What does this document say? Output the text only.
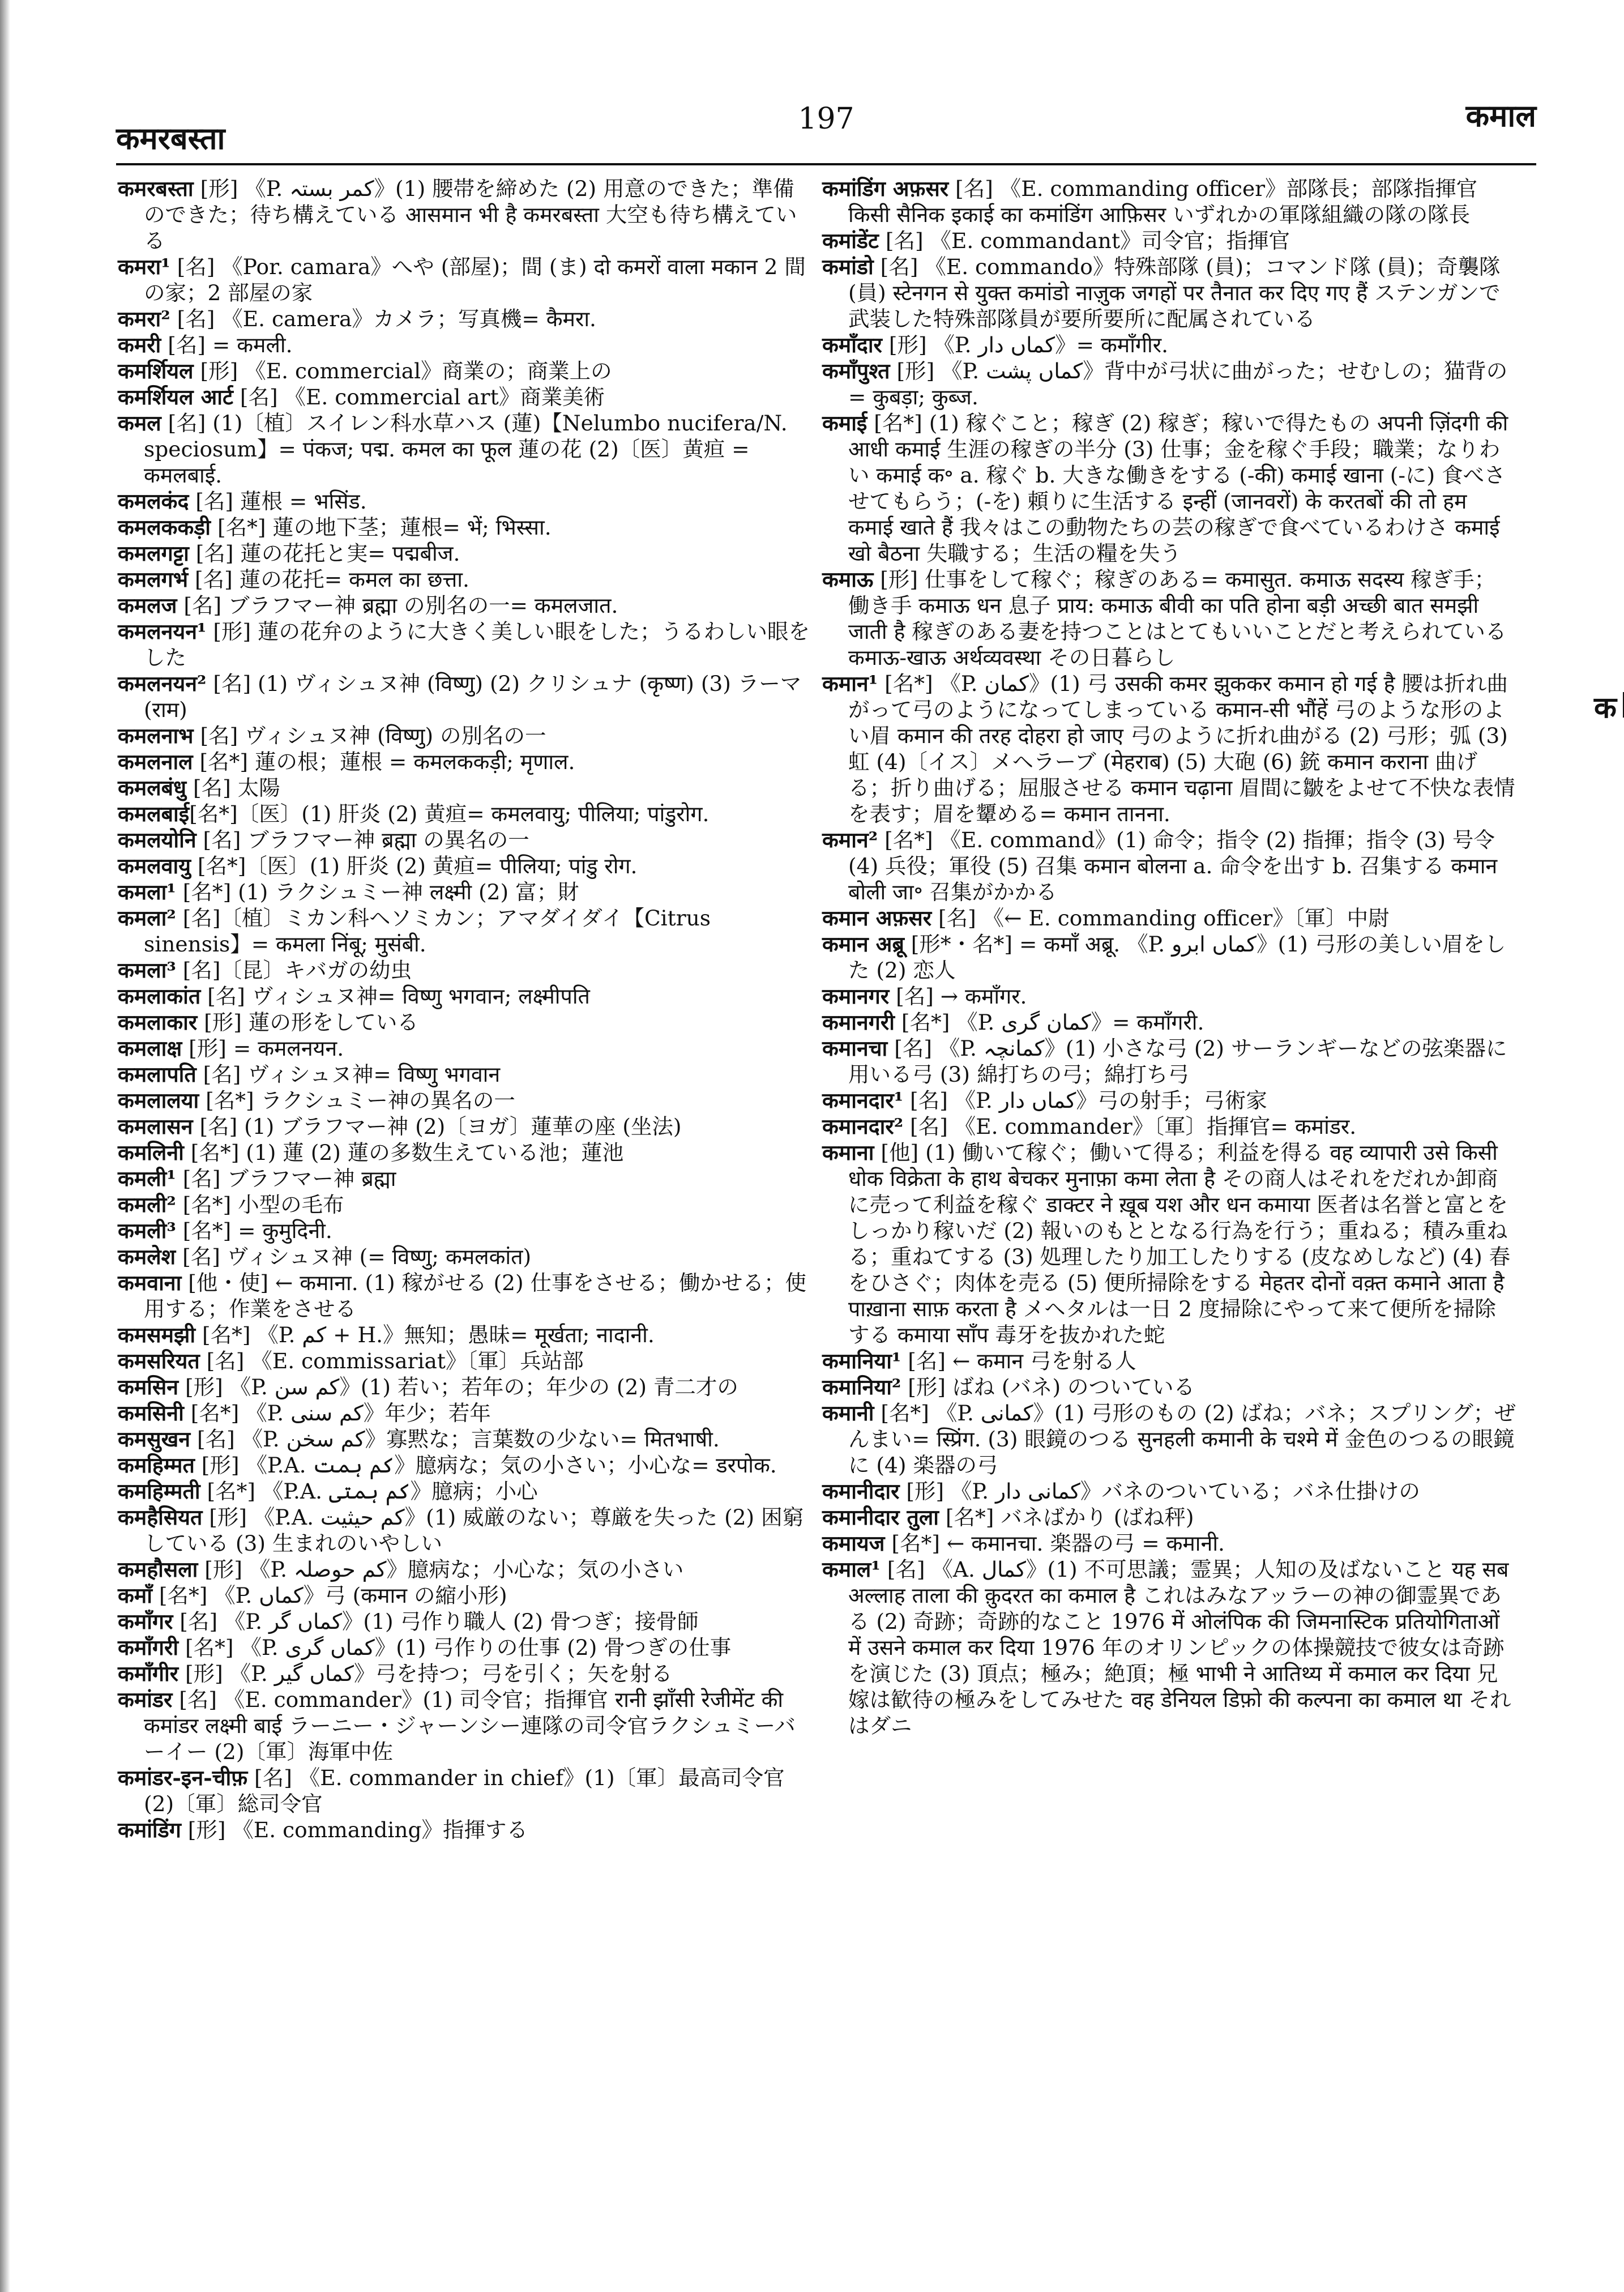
कमरबस्ता
197	कमाल

कमरबस्ता [形] 《P. کمر بستہ》(1) 腰帯を締めた (2) 用意のできた；準備のできた；待ち構えている आसमान भी है कमरबस्ता 大空も待ち構えている

कमरा¹ [名] 《Por. camara》へや (部屋)；間 (ま) दो कमरों वाला मकान 2 間の家；2 部屋の家

कमरा² [名] 《E. camera》カメラ；写真機= कैमरा.

कमरी [名] = कमली.

कमर्शियल [形] 《E. commercial》商業の；商業上の

कमर्शियल आर्ट [名] 《E. commercial art》商業美術

कमल [名] (1)〔植〕スイレン科水草ハス (蓮)【Nelumbo nucifera/N. speciosum】= पंकज; पद्म. कमल का फूल 蓮の花 (2)〔医〕黄疸 = कमलबाई.

कमलकंद [名] 蓮根 = भसिंड.

कमलककड़ी [名*] 蓮の地下茎；蓮根= भें; भिस्सा.

कमलगट्टा [名] 蓮の花托と実= पद्मबीज.

कमलगर्भ [名] 蓮の花托= कमल का छत्ता.

कमलज [名] ブラフマー神 ब्रह्मा の別名の一= कमलजात.

कमलनयन¹ [形] 蓮の花弁のように大きく美しい眼をした；うるわしい眼をした

कमलनयन² [名] (1) ヴィシュヌ神 (विष्णु) (2) クリシュナ (कृष्ण) (3) ラーマ (राम)

कमलनाभ [名] ヴィシュヌ神 (विष्णु) の別名の一

कमलनाल [名*] 蓮の根；蓮根 = कमलककड़ी; मृणाल.

कमलबंधु [名] 太陽

कमलबाई[名*]〔医〕(1) 肝炎 (2) 黄疸= कमलवायु; पीलिया; पांडुरोग.

कमलयोनि [名] ブラフマー神 ब्रह्मा の異名の一

कमलवायु [名*]〔医〕(1) 肝炎 (2) 黄疸= पीलिया; पांडु रोग.

कमला¹ [名*] (1) ラクシュミー神 लक्ष्मी (2) 富；財

कमला² [名]〔植〕ミカン科ヘソミカン；アマダイダイ【Citrus sinensis】= कमला निंबू; मुसंबी.

कमला³ [名]〔昆〕キバガの幼虫

कमलाकांत [名] ヴィシュヌ神= विष्णु भगवान; लक्ष्मीपति

कमलाकार [形] 蓮の形をしている

कमलाक्ष [形] = कमलनयन.

कमलापति [名] ヴィシュヌ神= विष्णु भगवान

कमलालया [名*] ラクシュミー神の異名の一

कमलासन [名] (1) ブラフマー神 (2)〔ヨガ〕蓮華の座 (坐法)

कमलिनी [名*] (1) 蓮 (2) 蓮の多数生えている池；蓮池

कमली¹ [名] ブラフマー神 ब्रह्मा

कमली² [名*] 小型の毛布

कमली³ [名*] = कुमुदिनी.

कमलेश [名] ヴィシュヌ神 (= विष्णु; कमलकांत)

कमवाना [他・使] ← कमाना. (1) 稼がせる (2) 仕事をさせる；働かせる；使用する；作業をさせる

कमसमझी [名*] 《P. کم + H.》無知；愚昧= मूर्खता; नादानी.

कमसरियत [名] 《E. commissariat》〔軍〕兵站部

कमसिन [形] 《P. کم سن》(1) 若い；若年の；年少の (2) 青二才の

कमसिनी [名*] 《P. کم سنی》年少；若年

कमसुखन [名] 《P. کم سخن》寡黙な；言葉数の少ない= मितभाषी.

कमहिम्मत [形] 《P.A. کم ہمت》臆病な；気の小さい；小心な= डरपोक.

कमहिम्मती [名*] 《P.A. کم ہمتی》臆病；小心

कमहैसियत [形] 《P.A. کم حیثیت》(1) 威厳のない；尊厳を失った (2) 困窮している (3) 生まれのいやしい

कमहौसला [形] 《P. کم حوصلہ》臆病な；小心な；気の小さい

कमाँ [名*] 《P. کماں》弓 (कमान の縮小形)

कमाँगर [名] 《P. کماں گر》(1) 弓作り職人 (2) 骨つぎ；接骨師

कमाँगरी [名*] 《P. کماں گری》(1) 弓作りの仕事 (2) 骨つぎの仕事

कमाँगीर [形] 《P. کماں گیر》弓を持つ；弓を引く；矢を射る

कमांडर [名] 《E. commander》(1) 司令官；指揮官 रानी झाँसी रेजीमेंट की कमांडर लक्ष्मी बाई ラーニー・ジャーンシー連隊の司令官ラクシュミーバーイー (2)〔軍〕海軍中佐

कमांडर-इन-चीफ़ [名] 《E. commander in chief》(1)〔軍〕最高司令官 (2)〔軍〕総司令官

कमांडिंग [形] 《E. commanding》指揮する

कमांडिंग अफ़सर [名] 《E. commanding officer》部隊長；部隊指揮官 किसी सैनिक इकाई का कमांडिंग आफ़िसर いずれかの軍隊組織の隊の隊長

कमांडेंट [名] 《E. commandant》司令官；指揮官

कमांडो [名] 《E. commando》特殊部隊 (員)；コマンド隊 (員)；奇襲隊 (員) स्टेनगन से युक्त कमांडो नाज़ुक जगहों पर तैनात कर दिए गए हैं ステンガンで武装した特殊部隊員が要所要所に配属されている

कमाँदार [形] 《P. کماں دار》= कमाँगीर.

कमाँपुश्त [形] 《P. کماں پشت》背中が弓状に曲がった；せむしの；猫背の= कुबड़ा; कुब्ज.

कमाई [名*] (1) 稼ぐこと；稼ぎ (2) 稼ぎ；稼いで得たもの अपनी ज़िंदगी की आधी कमाई 生涯の稼ぎの半分 (3) 仕事；金を稼ぐ手段；職業；なりわい कमाई क॰ a. 稼ぐ b. 大きな働きをする (-की) कमाई खाना (-に) 食べさせてもらう；(-を) 頼りに生活する इन्हीं (जानवरों) के करतबों की तो हम कमाई खाते हैं 我々はこの動物たちの芸の稼ぎで食べているわけさ कमाई खो बैठना 失職する；生活の糧を失う

कमाऊ [形] 仕事をして稼ぐ；稼ぎのある= कमासुत. कमाऊ सदस्य 稼ぎ手；働き手 कमाऊ धन 息子 प्राय: कमाऊ बीवी का पति होना बड़ी अच्छी बात समझी जाती है 稼ぎのある妻を持つことはとてもいいことだと考えられている कमाऊ-खाऊ अर्थव्यवस्था その日暮らし

कमान¹ [名*] 《P. کمان》(1) 弓 उसकी कमर झुककर कमान हो गई है 腰は折れ曲がって弓のようになってしまっている कमान-सी भौंहें 弓のような形のよい眉 कमान की तरह दोहरा हो जाए 弓のように折れ曲がる (2) 弓形；弧 (3) 虹 (4)〔イス〕メヘラーブ (मेहराब) (5) 大砲 (6) 銃 कमान कराना 曲げる；折り曲げる；屈服させる कमान चढ़ाना 眉間に皺をよせて不快な表情を表す；眉を顰める= कमान तानना.

कमान² [名*] 《E. command》(1) 命令；指令 (2) 指揮；指令 (3) 号令 (4) 兵役；軍役 (5) 召集 कमान बोलना a. 命令を出す b. 召集する कमान बोली जा॰ 召集がかかる

कमान अफ़सर [名] 《← E. commanding officer》〔軍〕中尉

कमान अब्रू [形*・名*] = कमाँ अब्रू. 《P. کماں ابرو》(1) 弓形の美しい眉をした (2) 恋人

कमानगर [名] → कमाँगर.

कमानगरी [名*] 《P. کمان گری》= कमाँगरी.

कमानचा [名] 《P. کمانچہ》(1) 小さな弓 (2) サーランギーなどの弦楽器に用いる弓 (3) 綿打ちの弓；綿打ち弓

कमानदार¹ [名] 《P. کماں دار》弓の射手；弓術家

कमानदार² [名] 《E. commander》〔軍〕指揮官= कमांडर.

कमाना [他] (1) 働いて稼ぐ；働いて得る；利益を得る वह व्यापारी उसे किसी धोक विक्रेता के हाथ बेचकर मुनाफ़ा कमा लेता है その商人はそれをだれか卸商に売って利益を稼ぐ डाक्टर ने ख़ूब यश और धन कमाया 医者は名誉と富とをしっかり稼いだ (2) 報いのもととなる行為を行う；重ねる；積み重ねる；重ねてする (3) 処理したり加工したりする (皮なめしなど) (4) 春をひさぐ；肉体を売る (5) 便所掃除をする मेहतर दोनों वक़्त कमाने आता है पाख़ाना साफ़ करता है メヘタルは一日 2 度掃除にやって来て便所を掃除する कमाया साँप 毒牙を抜かれた蛇

कमानिया¹ [名] ← कमान 弓を射る人

कमानिया² [形] ばね (バネ) のついている

कमानी [名*] 《P. کمانی》(1) 弓形のもの (2) ばね；バネ；スプリング；ぜんまい= स्प्रिंग. (3) 眼鏡のつる सुनहली कमानी के चश्मे में 金色のつるの眼鏡に (4) 楽器の弓

कमानीदार [形] 《P. کمانی دار》バネのついている；バネ仕掛けの

कमानीदार तुला [名*] バネばかり (ばね秤)

कमायज [名*] ← कमानचा. 楽器の弓 = कमानी.

कमाल¹ [名] 《A. کمال》(1) 不可思議；霊異；人知の及ばないこと यह सब अल्लाह ताला की क़ुदरत का कमाल है これはみなアッラーの神の御霊異である (2) 奇跡；奇跡的なこと 1976 में ओलंपिक की जिमनास्टिक प्रतियोगिताओं में उसने कमाल कर दिया 1976 年のオリンピックの体操競技で彼女は奇跡を演じた (3) 頂点；極み；絶頂；極 भाभी ने आतिथ्य में कमाल कर दिया 兄嫁は歓待の極みをしてみせた वह डेनियल डिफ़ो की कल्पना का कमाल था それはダニ

क
